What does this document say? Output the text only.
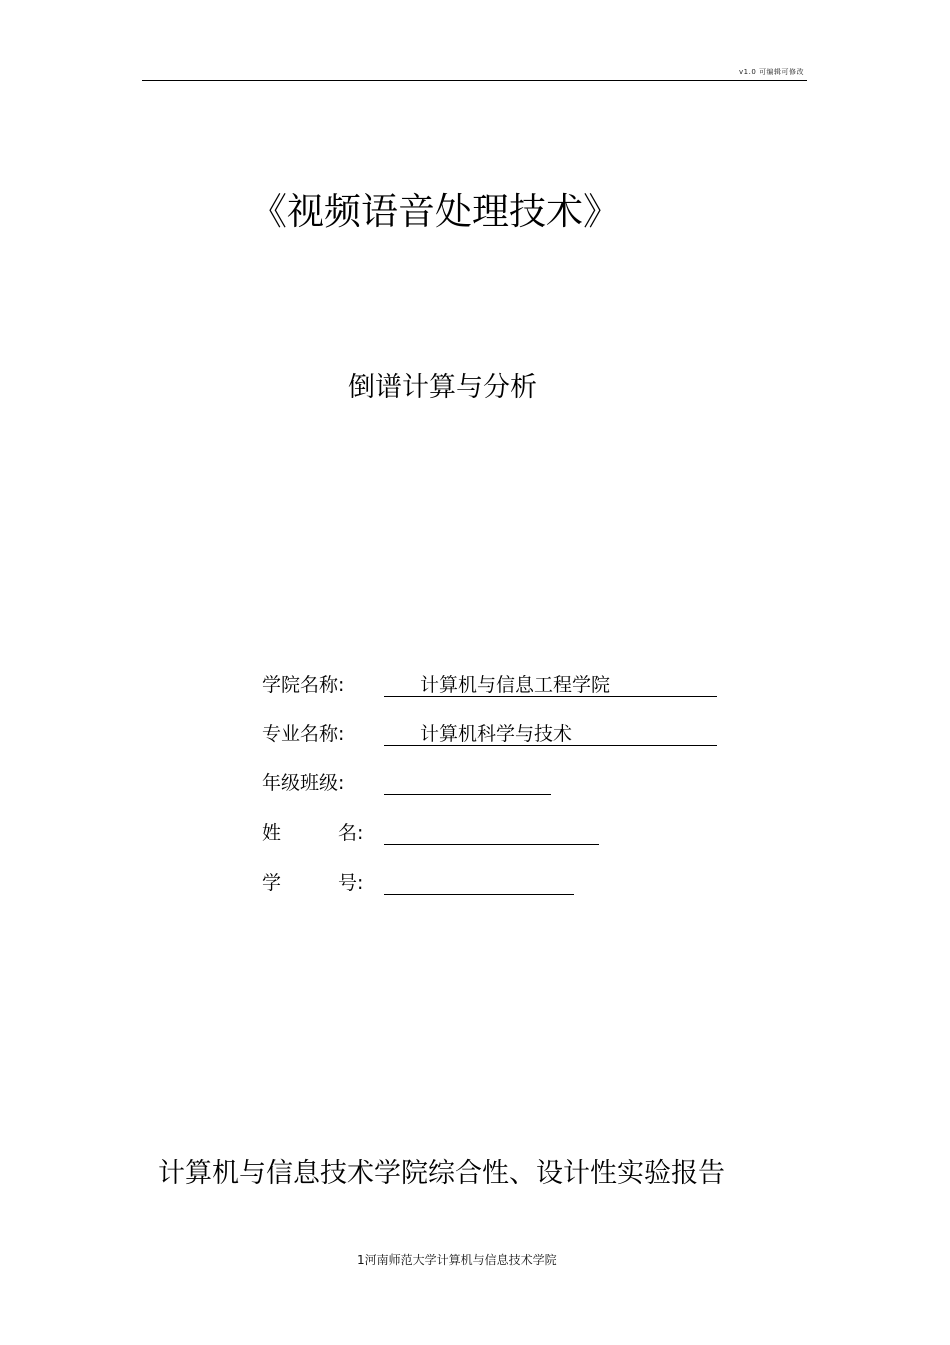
v1.0 可编辑可修改
《视频语音处理技术》
倒谱计算与分析
学院名称:	计算机与信息工程学院
专业名称:	计算机科学与技术
年级班级:
姓	名:
学	号:
计算机与信息技术学院综合性、设计性实验报告
1河南师范大学计算机与信息技术学院
